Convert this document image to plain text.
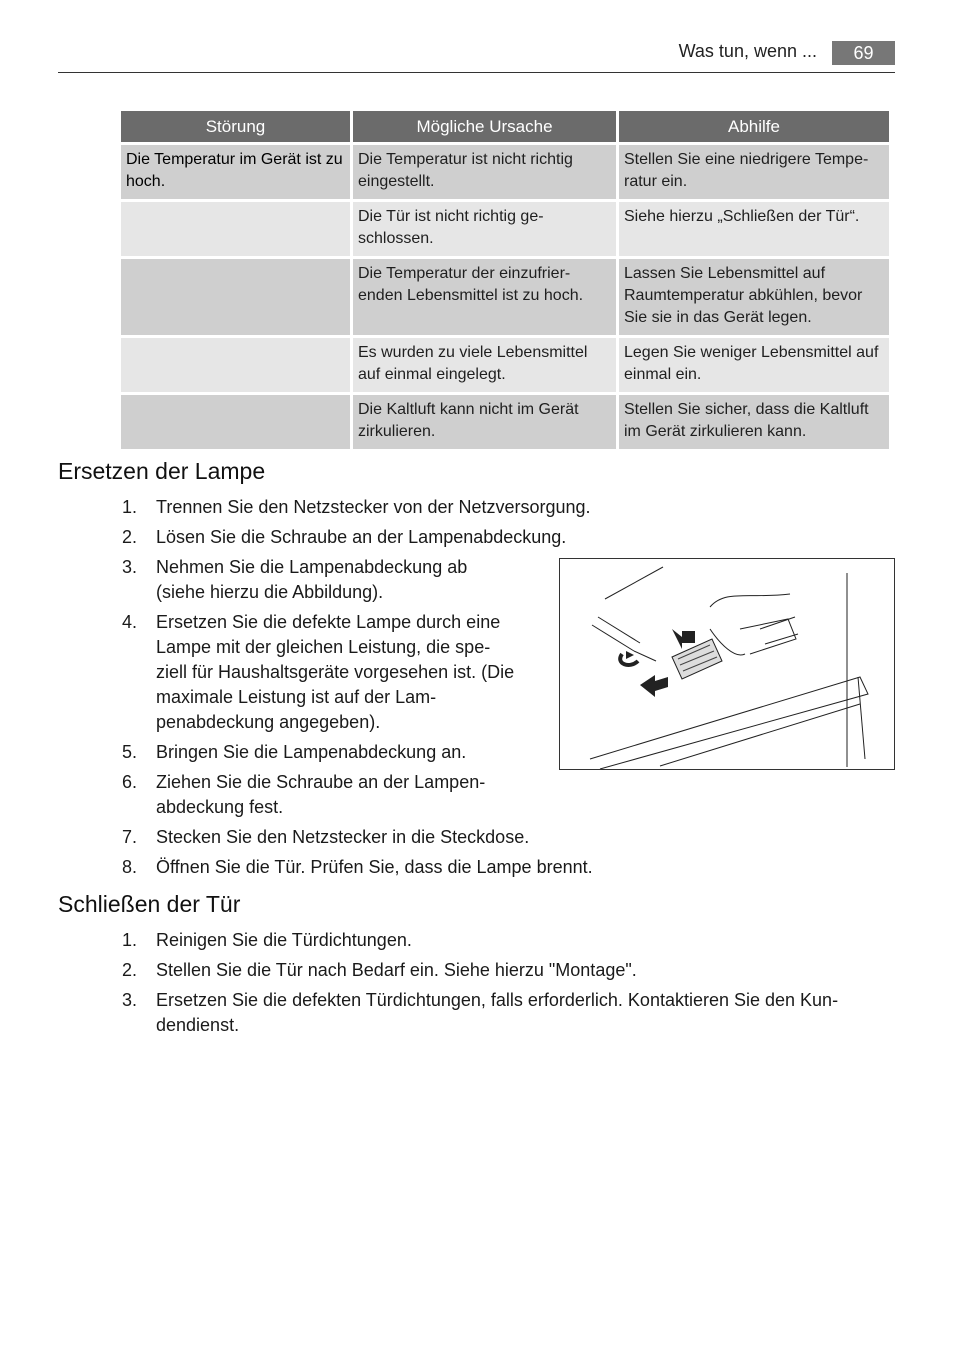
Was tun, wenn ...	69
Störung	Mögliche Ursache	Abhilfe
Die Temperatur im Gerät ist zu hoch.	Die Temperatur ist nicht richtig eingestellt.	Stellen Sie eine niedrigere Tempe-ratur ein.
	Die Tür ist nicht richtig ge-schlossen.	Siehe hierzu „Schließen der Tür“.
	Die Temperatur der einzufrier-enden Lebensmittel ist zu hoch.	Lassen Sie Lebensmittel auf Raumtemperatur abkühlen, bevor Sie sie in das Gerät legen.
	Es wurden zu viele Lebensmittel auf einmal eingelegt.	Legen Sie weniger Lebensmittel auf einmal ein.
	Die Kaltluft kann nicht im Gerät zirkulieren.	Stellen Sie sicher, dass die Kaltluft im Gerät zirkulieren kann.
Ersetzen der Lampe
1. Trennen Sie den Netzstecker von der Netzversorgung.
2. Lösen Sie die Schraube an der Lampenabdeckung.
3. Nehmen Sie die Lampenabdeckung ab (siehe hierzu die Abbildung).
4. Ersetzen Sie die defekte Lampe durch eine Lampe mit der gleichen Leistung, die spe-ziell für Haushaltsgeräte vorgesehen ist. (Die maximale Leistung ist auf der Lam-penabdeckung angegeben).
5. Bringen Sie die Lampenabdeckung an.
6. Ziehen Sie die Schraube an der Lampen-abdeckung fest.
7. Stecken Sie den Netzstecker in die Steckdose.
8. Öffnen Sie die Tür. Prüfen Sie, dass die Lampe brennt.
Schließen der Tür
1. Reinigen Sie die Türdichtungen.
2. Stellen Sie die Tür nach Bedarf ein. Siehe hierzu "Montage".
3. Ersetzen Sie die defekten Türdichtungen, falls erforderlich. Kontaktieren Sie den Kun-dendienst.
